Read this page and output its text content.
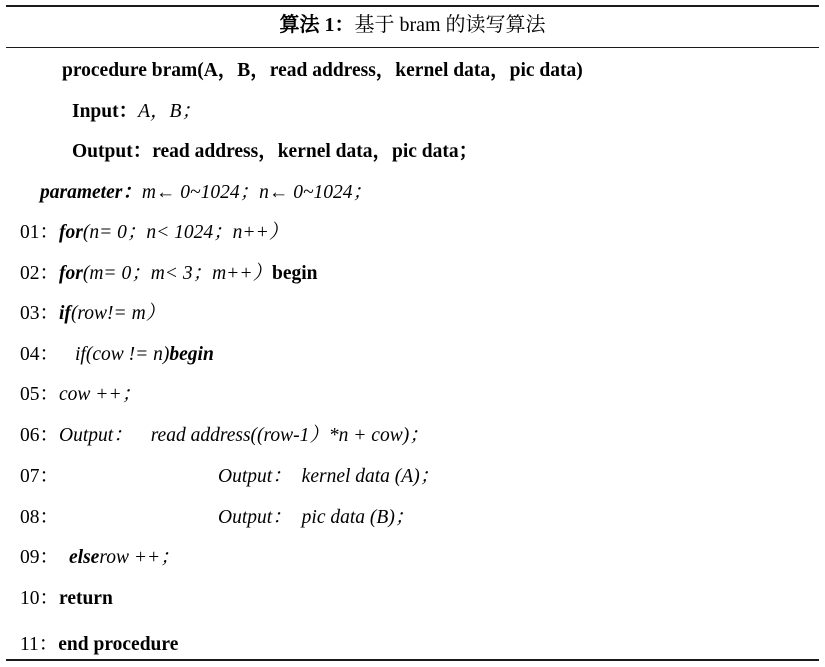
算法 1：基于 bram 的读写算法
procedure bram(A，B，read address，kernel data，pic data)
Input：A，B；
Output：read address，kernel data，pic data；
parameter：m← 0~1024；n← 0~1024；
01：for(n= 0；n< 1024；n++）
02：for(m= 0；m< 3；m++）begin
03：if(row!= m）
04： if(cow != n)begin
05：cow ++；
06：Output： read address((row-1）*n + cow)；
07：	Output： kernel data (A)；
08：	Output： pic data (B)；
09： elserow ++；
10：return
11：end procedure
